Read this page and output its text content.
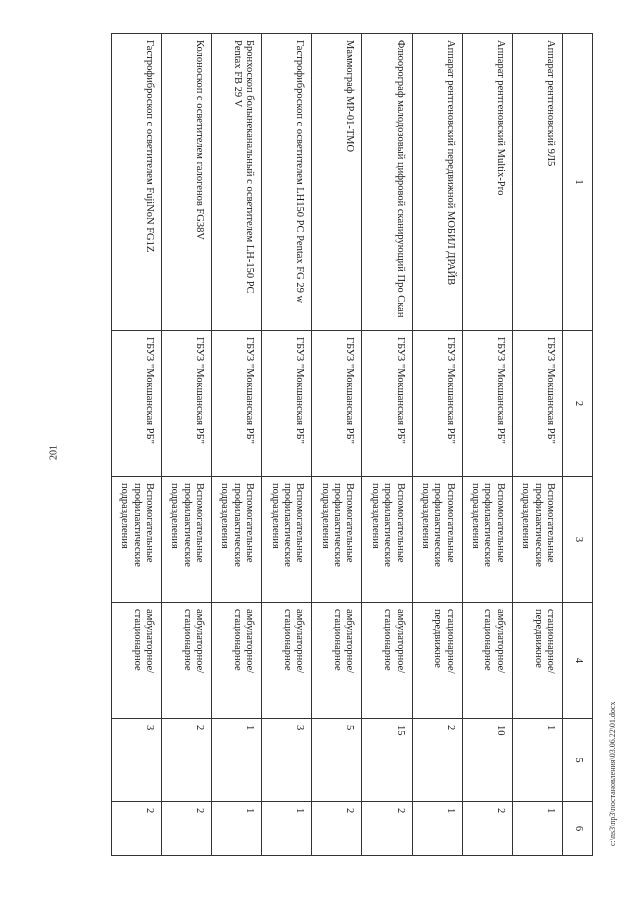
201
1	2	3	4	5	6
Аппарат рентгеновский 9Л5	ГБУЗ "Мокшанская РБ"	Вспомогательные профилактические подразделения	стационарное/ передвижное	1	1
Аппарат рентгеновский Multix-Pro	ГБУЗ "Мокшанская РБ"	Вспомогательные профилактические подразделения	амбулаторное/ стационарное	10	2
Аппарат рентгеновский передвижной МОБИЛ ДРАЙВ	ГБУЗ "Мокшанская РБ"	Вспомогательные профилактические подразделения	стационарное/ передвижное	2	1
Флюорограф малодозовый цифровой сканирующий Про Скан	ГБУЗ "Мокшанская РБ"	Вспомогательные профилактические подразделения	амбулаторное/ стационарное	15	2
Маммограф МР-01-ТМО	ГБУЗ "Мокшанская РБ"	Вспомогательные профилактические подразделения	амбулаторное/ стационарное	5	2
Гастрофиброскоп с осветителем LH150 PC Pentax FG 29 w	ГБУЗ "Мокшанская РБ"	Вспомогательные профилактические подразделения	амбулаторное/ стационарное	3	1
Бронхоскоп болынеканальный с осветителем LH-150 PC Pentax FB 29 V	ГБУЗ "Мокшанская РБ"	Вспомогательные профилактические подразделения	амбулаторное/ стационарное	1	1
Колоноскоп с осветителем галогенов FG38V	ГБУЗ "Мокшанская РБ"	Вспомогательные профилактические подразделения	амбулаторное/ стационарное	2	2
Гастрофиброскоп с осветителем FujiNoN FG1Z	ГБУЗ "Мокшанская РБ"	Вспомогательные профилактические подразделения	амбулаторное/ стационарное	3	2	c:\ns3\np3\постановления\03.06.22\01.docx
